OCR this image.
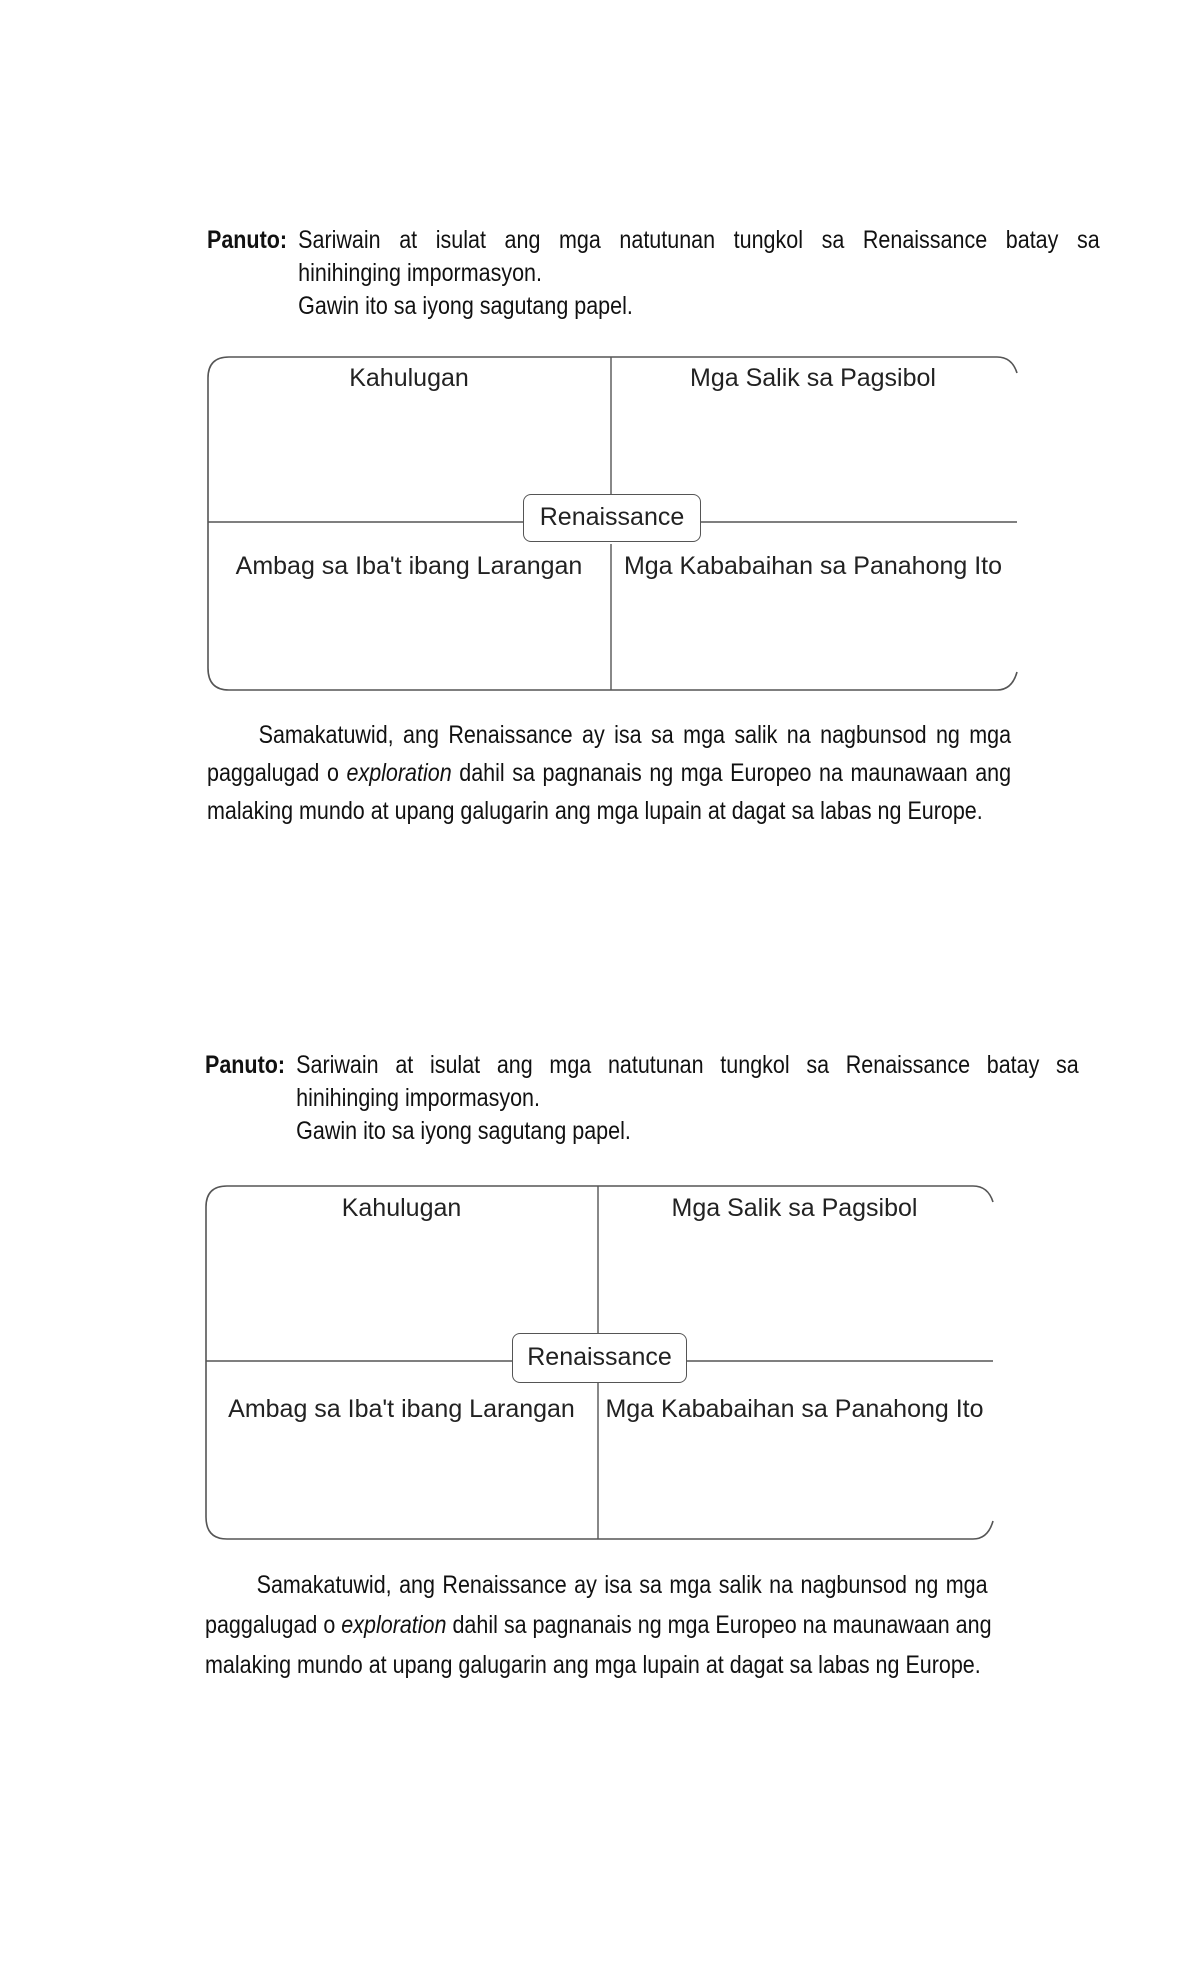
Panuto: Sariwain at isulat ang mga natutunan tungkol sa Renaissance batay sa
hinihinging impormasyon.
Gawin ito sa iyong sagutang papel.
Kahulugan	Mga Salik sa Pagsibol
Ambag sa Iba't ibang Larangan	Mga Kababaihan sa Panahong Ito
Renaissance
Samakatuwid, ang Renaissance ay isa sa mga salik na nagbunsod ng mga
paggalugad o exploration dahil sa pagnanais ng mga Europeo na maunawaan ang
malaking mundo at upang galugarin ang mga lupain at dagat sa labas ng Europe.
Panuto: Sariwain at isulat ang mga natutunan tungkol sa Renaissance batay sa
hinihinging impormasyon.
Gawin ito sa iyong sagutang papel.
Kahulugan	Mga Salik sa Pagsibol
Ambag sa Iba't ibang Larangan	Mga Kababaihan sa Panahong Ito
Renaissance
Samakatuwid, ang Renaissance ay isa sa mga salik na nagbunsod ng mga
paggalugad o exploration dahil sa pagnanais ng mga Europeo na maunawaan ang
malaking mundo at upang galugarin ang mga lupain at dagat sa labas ng Europe.
